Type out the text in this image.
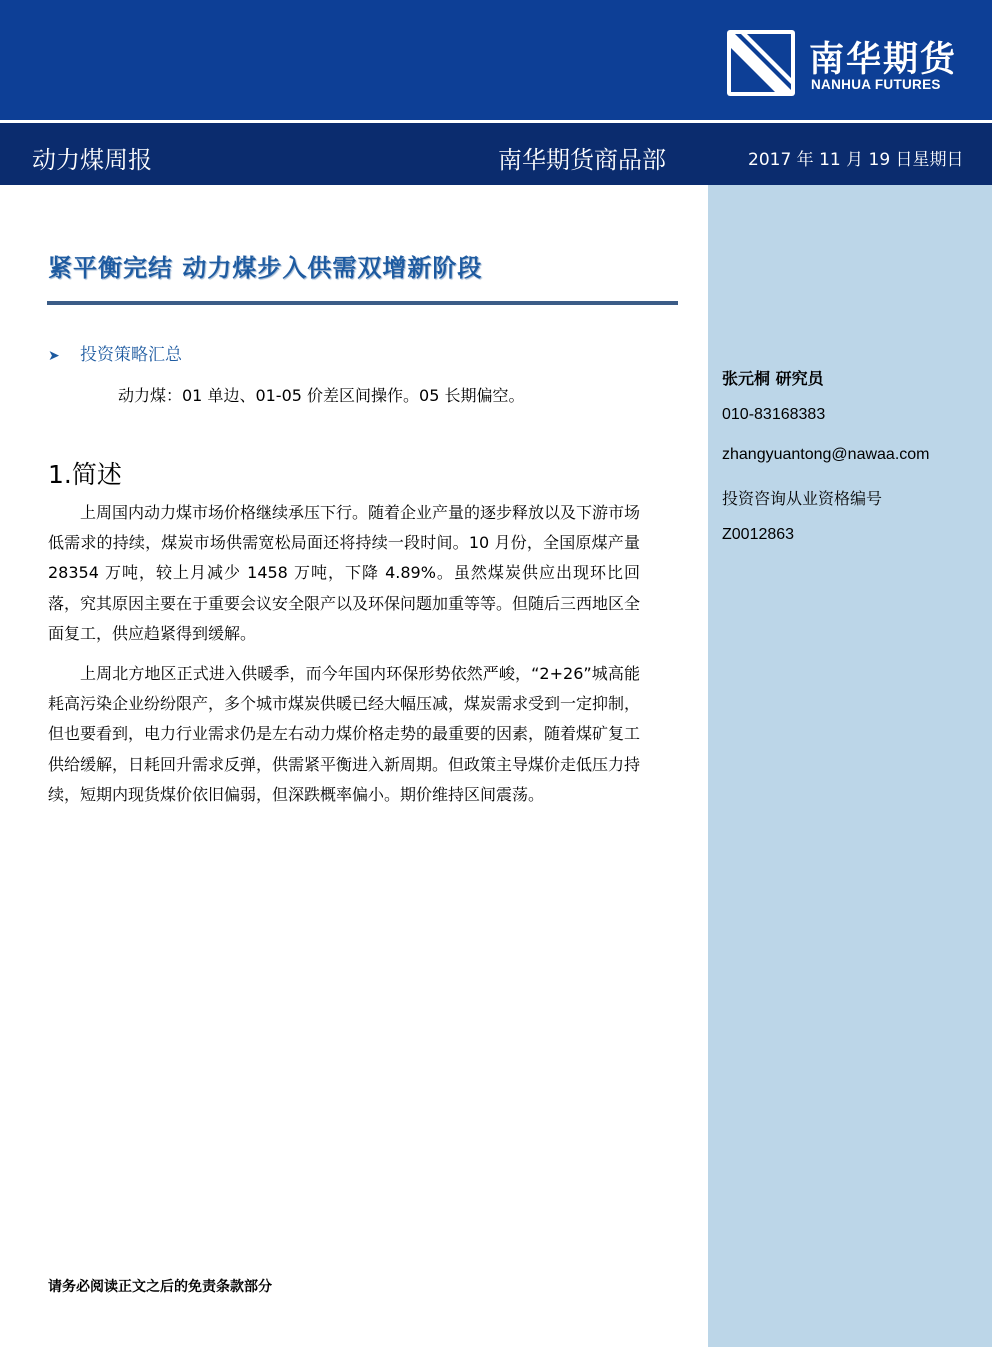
南华期货
NANHUA FUTURES
动力煤周报	南华期货商品部	2017 年 11 月 19 日星期日
紧平衡完结 动力煤步入供需双增新阶段
➤ 投资策略汇总
动力煤：01 单边、01-05 价差区间操作。05 长期偏空。
1.简述

上周国内动力煤市场价格继续承压下行。随着企业产量的逐步释放以及下游市场低需求的持续，煤炭市场供需宽松局面还将持续一段时间。10 月份，全国原煤产量 28354 万吨，较上月减少 1458 万吨，下降 4.89%。虽然煤炭供应出现环比回落，究其原因主要在于重要会议安全限产以及环保问题加重等等。但随后三西地区全面复工，供应趋紧得到缓解。

上周北方地区正式进入供暖季，而今年国内环保形势依然严峻，“2+26”城高能耗高污染企业纷纷限产，多个城市煤炭供暖已经大幅压减，煤炭需求受到一定抑制，但也要看到，电力行业需求仍是左右动力煤价格走势的最重要的因素，随着煤矿复工供给缓解，日耗回升需求反弹，供需紧平衡进入新周期。但政策主导煤价走低压力持续，短期内现货煤价依旧偏弱，但深跌概率偏小。期价维持区间震荡。

张元桐 研究员
010-83168383
zhangyuantong@nawaa.com
投资咨询从业资格编号
Z0012863
请务必阅读正文之后的免责条款部分
